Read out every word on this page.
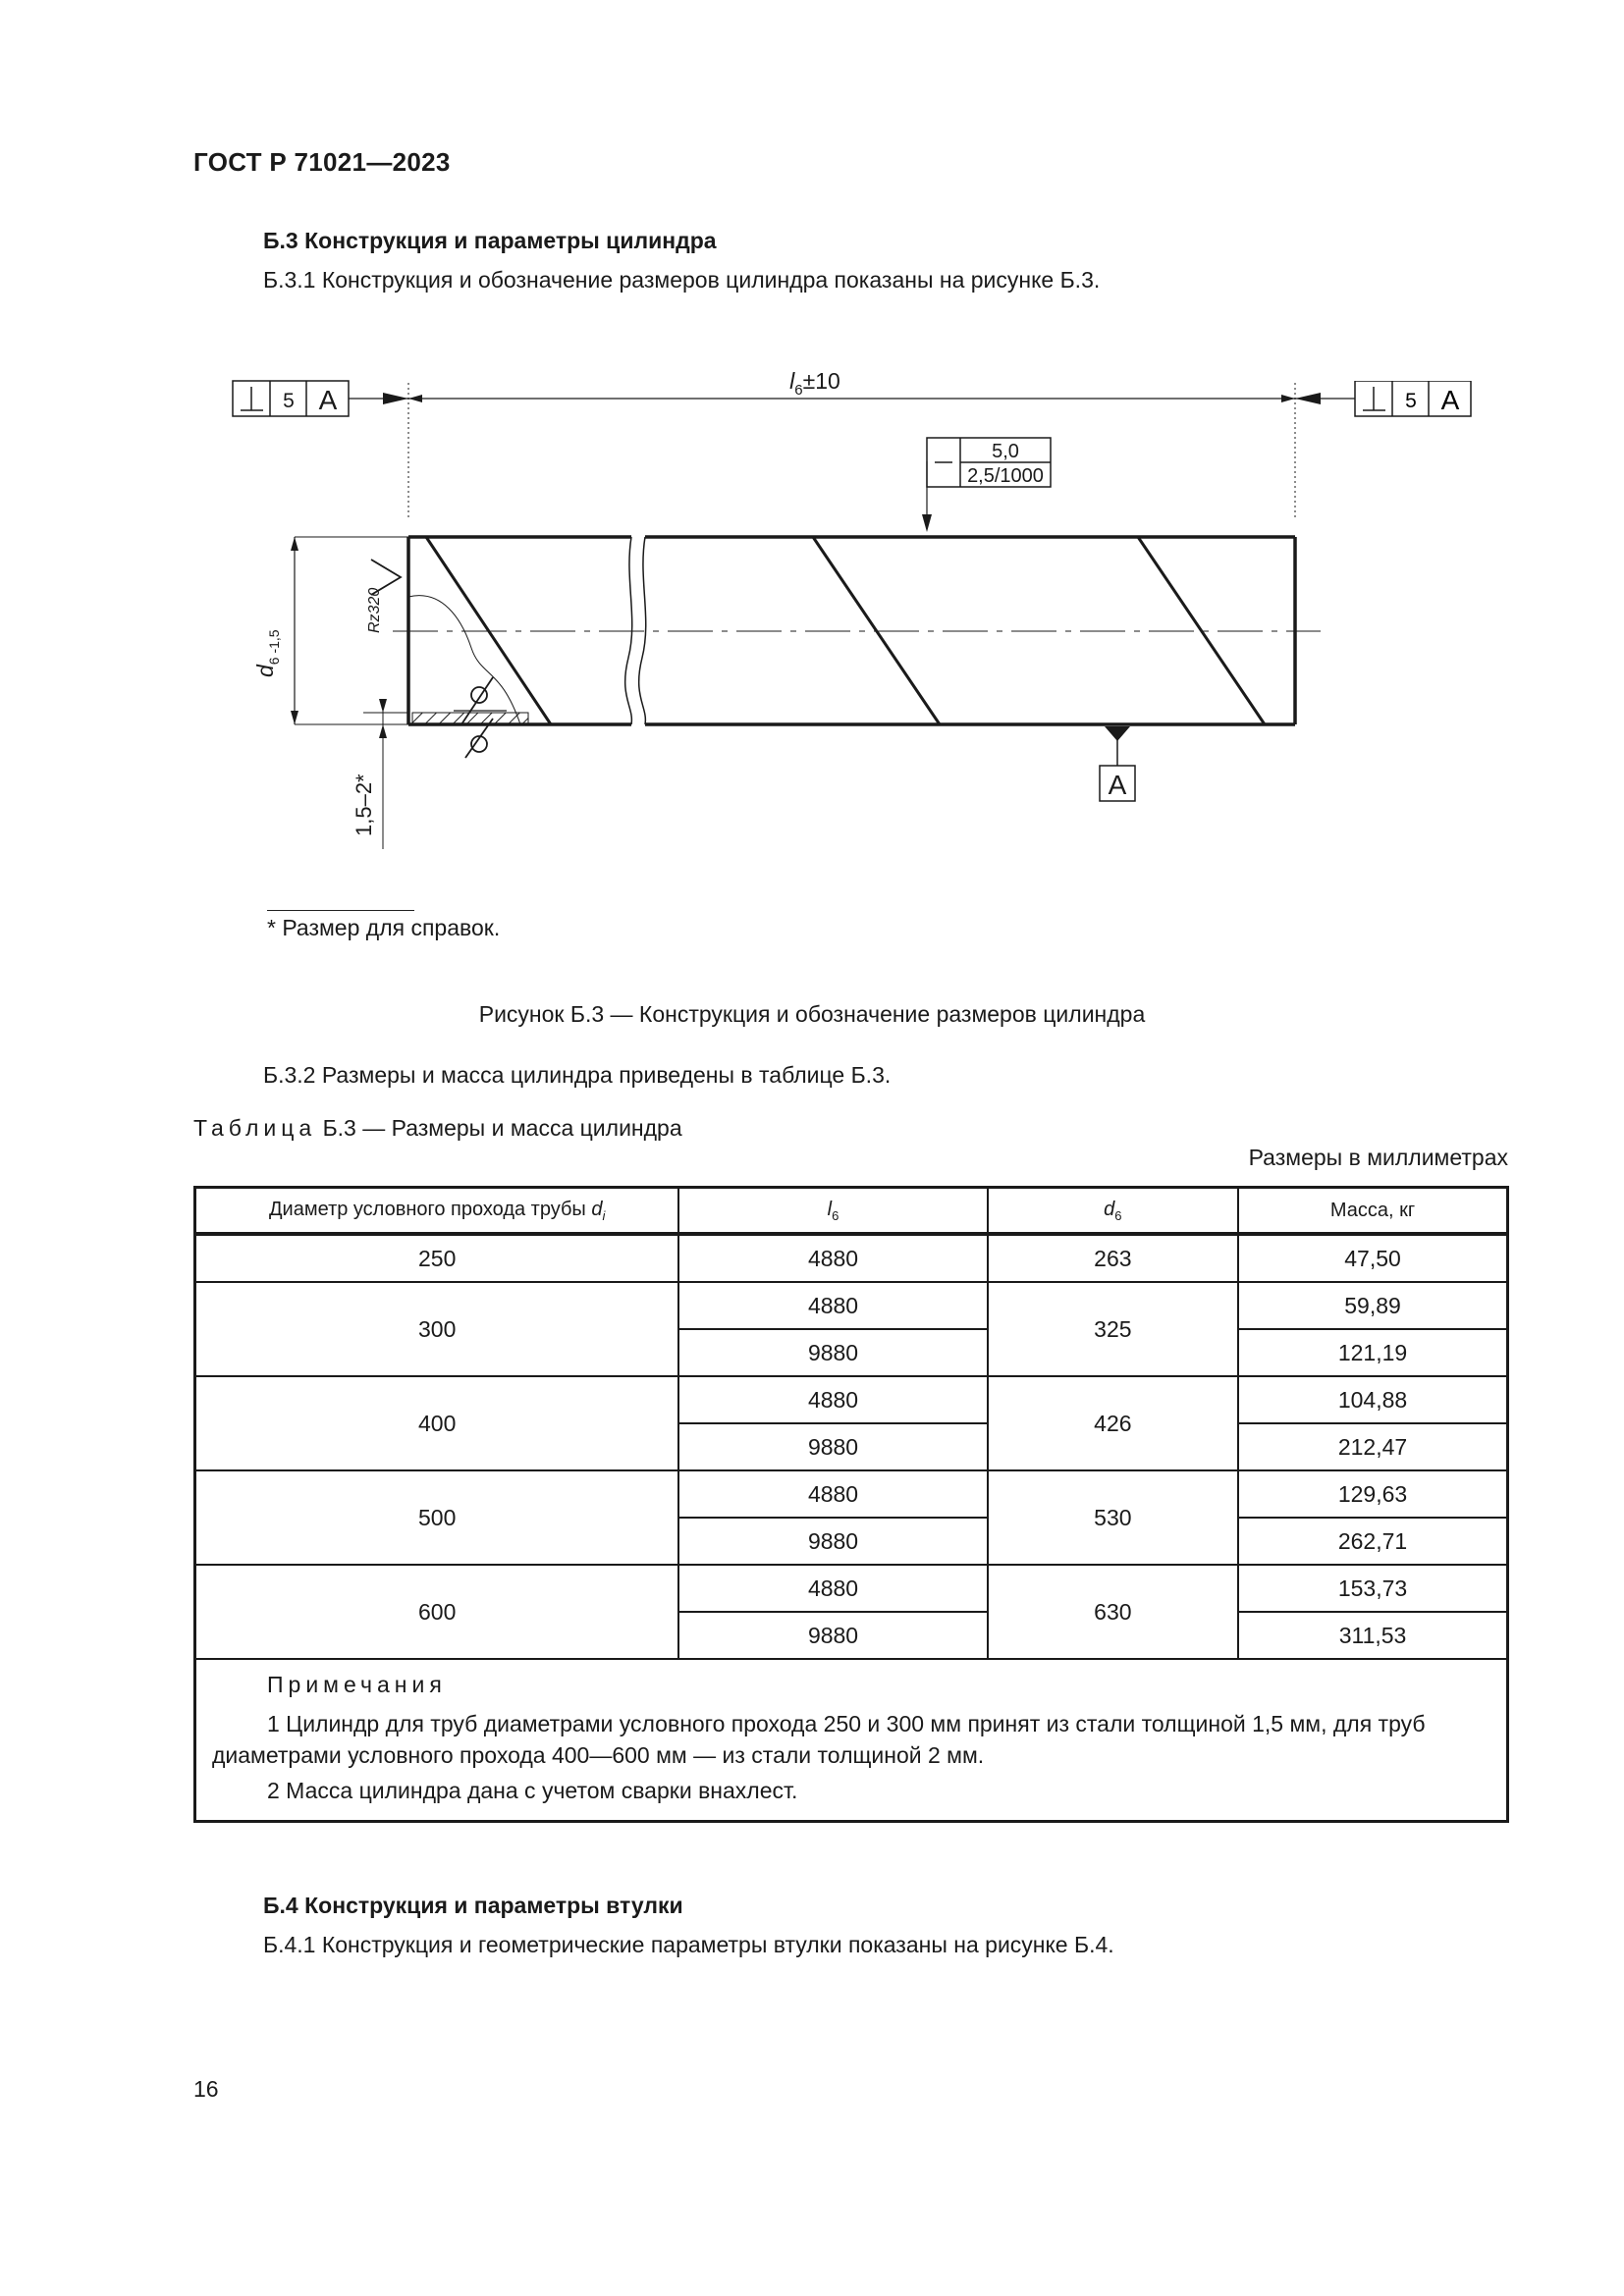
ГОСТ Р 71021—2023
Б.3 Конструкция и параметры цилиндра
Б.3.1 Конструкция и обозначение размеров цилиндра показаны на рисунке Б.3.
$l_6\pm 10$
5 A
5,0
2,5/1000
$d_{6 -1,5}$
Rz320
1,5–2*	A
5 A
* Размер для справок.
Рисунок Б.3 — Конструкция и обозначение размеров цилиндра
Б.3.2 Размеры и масса цилиндра приведены в таблице Б.3.
Таблица Б.3 — Размеры и масса цилиндра
Размеры в миллиметрах
Диаметр условного прохода трубы $d_i$	$l_6$	$d_6$	Масса, кг
250	4880	263	47,50
300	4880	325	59,89
	9880		121,19
400	4880	426	104,88
	9880		212,47
500	4880	530	129,63
	9880		262,71
600	4880	630	153,73
	9880		311,53

Примечания

1 Цилиндр для труб диаметрами условного прохода 250 и 300 мм принят из стали толщиной 1,5 мм, для труб диаметрами условного прохода 400—600 мм — из стали толщиной 2 мм.

2 Масса цилиндра дана с учетом сварки внахлест.			

Б.4 Конструкция и параметры втулки
Б.4.1 Конструкция и геометрические параметры втулки показаны на рисунке Б.4.
16
